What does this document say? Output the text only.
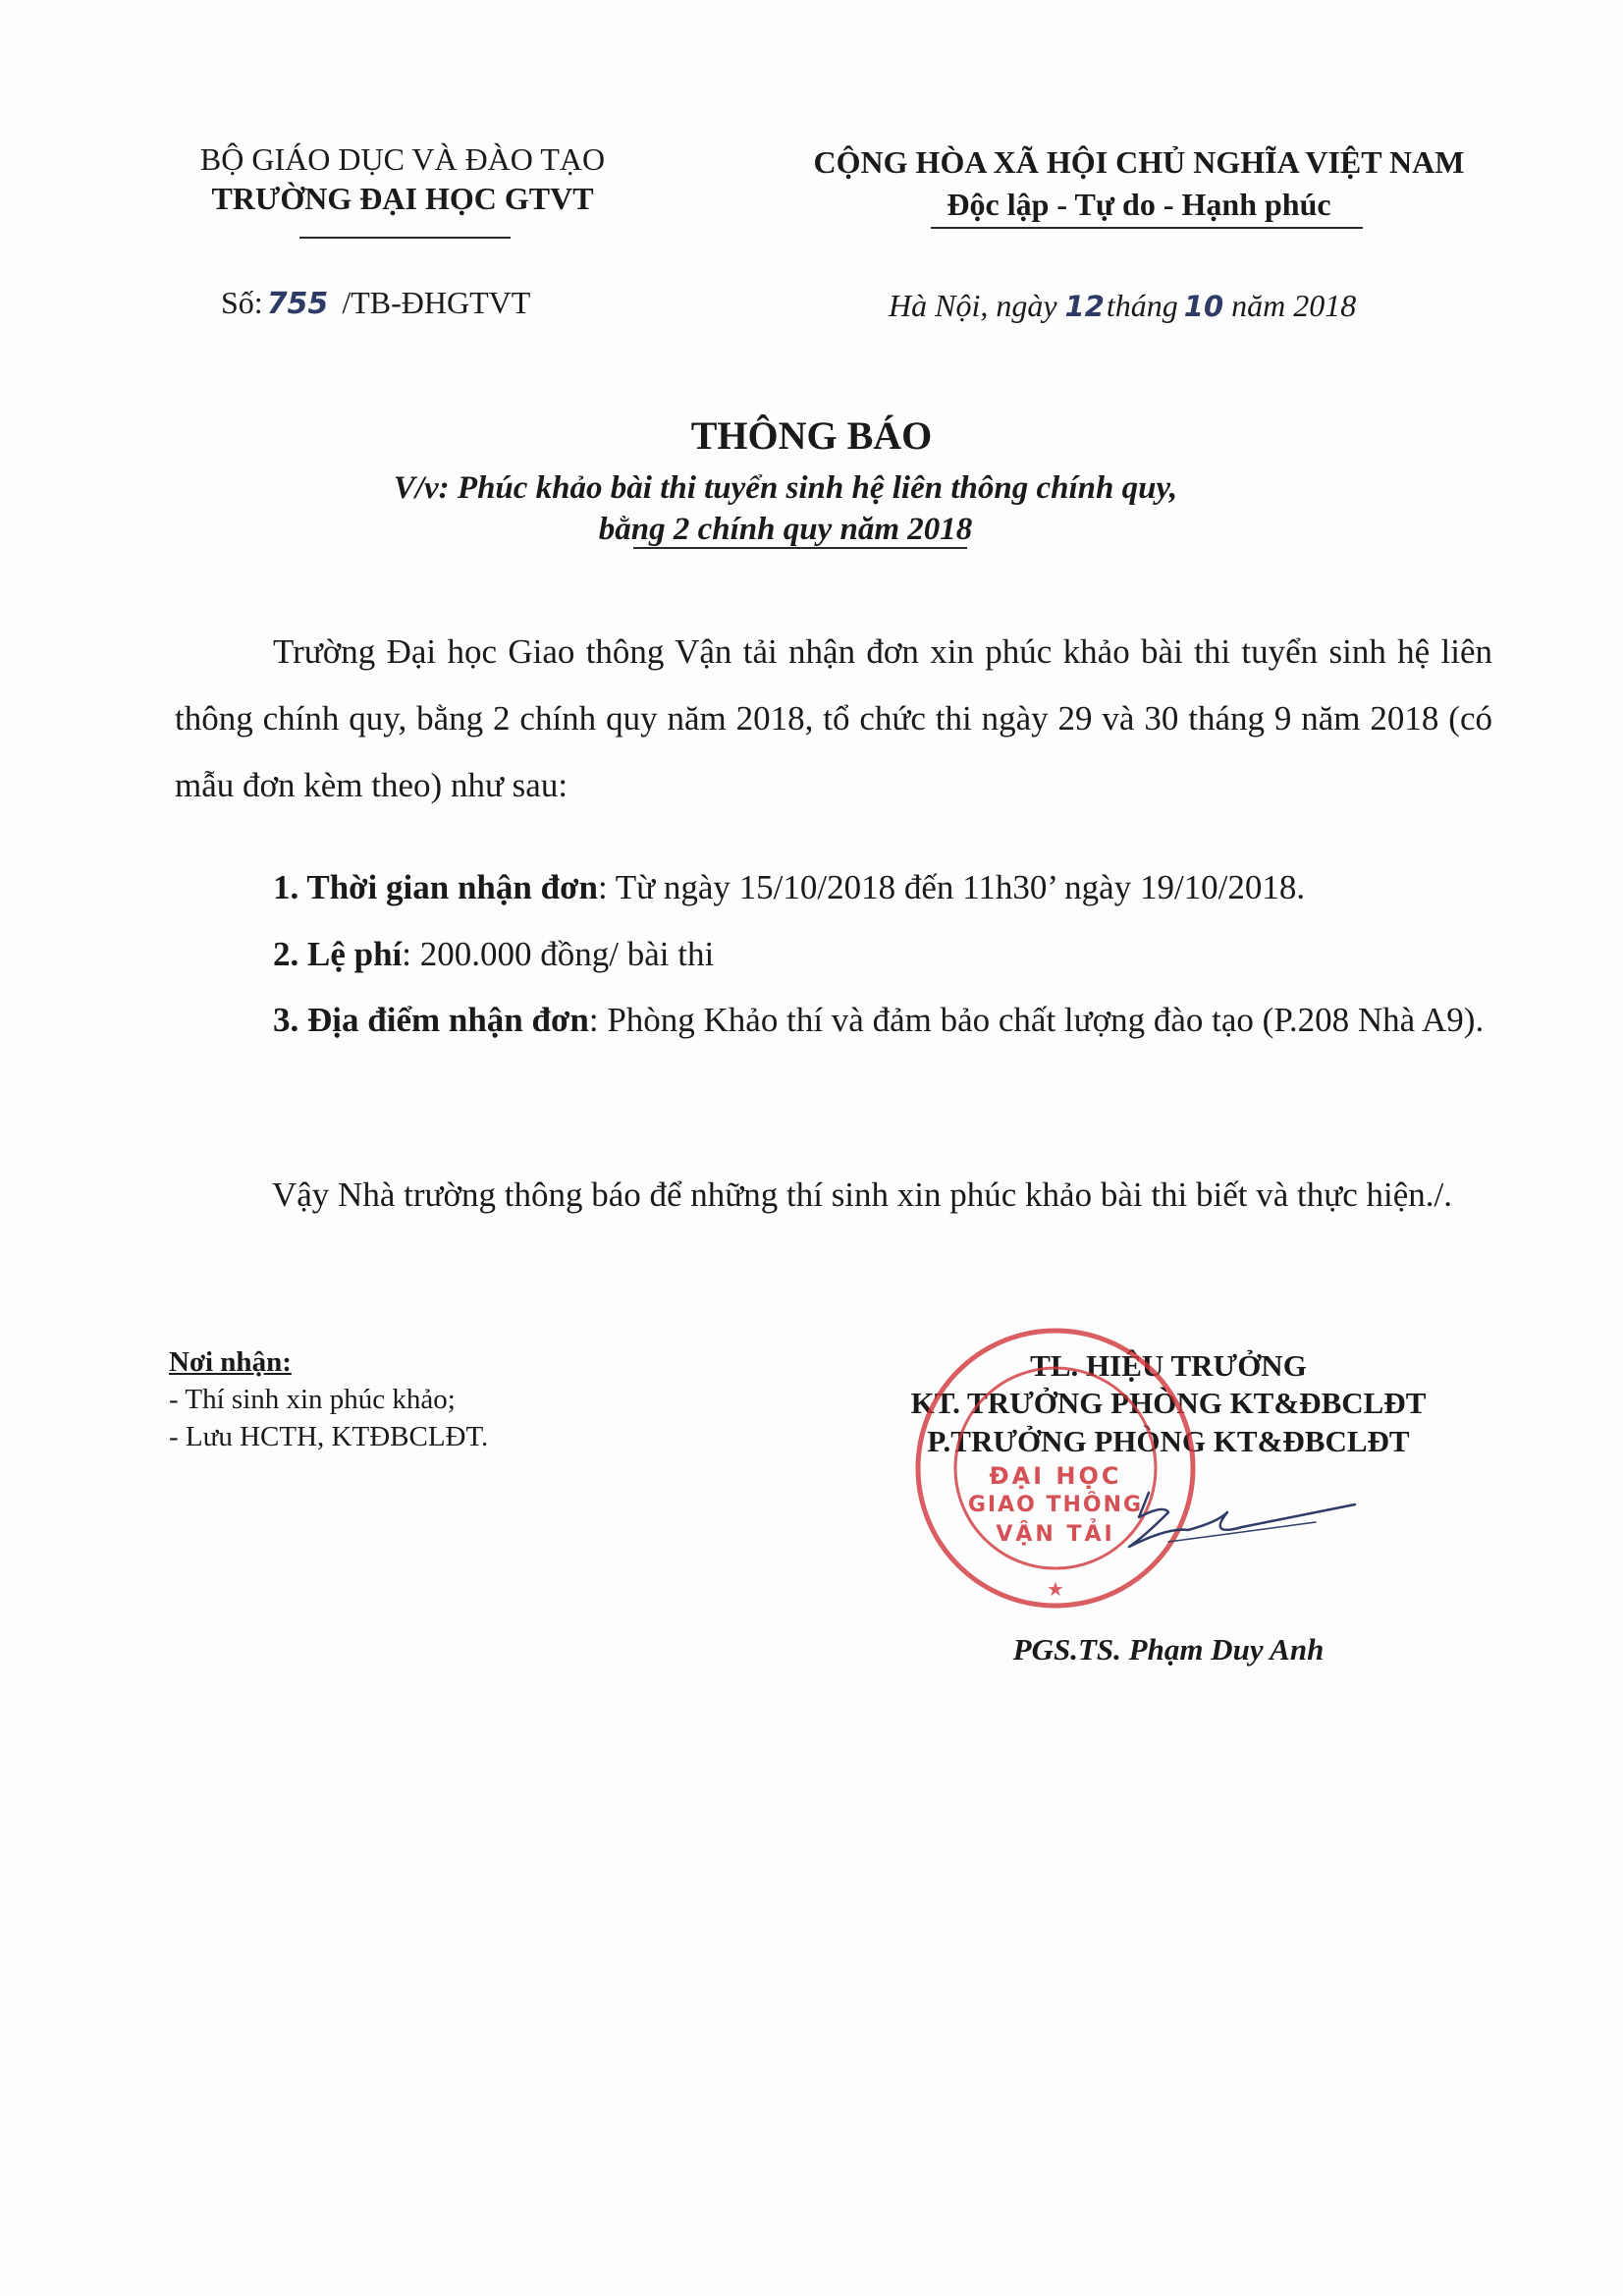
BỘ GIÁO DỤC VÀ ĐÀO TẠO
TRƯỜNG ĐẠI HỌC GTVT
Số: 755 /TB-ĐHGTVT
CỘNG HÒA XÃ HỘI CHỦ NGHĨA VIỆT NAM
Độc lập - Tự do - Hạnh phúc
Hà Nội, ngày 12tháng 10 năm 2018
THÔNG BÁO
V/v: Phúc khảo bài thi tuyển sinh hệ liên thông chính quy,
bằng 2 chính quy năm 2018
Trường Đại học Giao thông Vận tải nhận đơn xin phúc khảo bài thi tuyển sinh hệ liên thông chính quy, bằng 2 chính quy năm 2018, tổ chức thi ngày 29 và 30 tháng 9 năm 2018 (có mẫu đơn kèm theo) như sau:
1. Thời gian nhận đơn: Từ ngày 15/10/2018 đến 11h30’ ngày 19/10/2018.
2. Lệ phí: 200.000 đồng/ bài thi
3. Địa điểm nhận đơn: Phòng Khảo thí và đảm bảo chất lượng đào tạo (P.208 Nhà A9).
Vậy Nhà trường thông báo để những thí sinh xin phúc khảo bài thi biết và thực hiện./.
Nơi nhận:
- Thí sinh xin phúc khảo;
- Lưu HCTH, KTĐBCLĐT.
TL. HIỆU TRƯỞNG
KT. TRƯỞNG PHÒNG KT&ĐBCLĐT
P.TRƯỞNG PHÒNG KT&ĐBCLĐT
★
ĐẠI HỌC
GIAO THÔNG
VẬN TẢI
PGS.TS. Phạm Duy Anh
